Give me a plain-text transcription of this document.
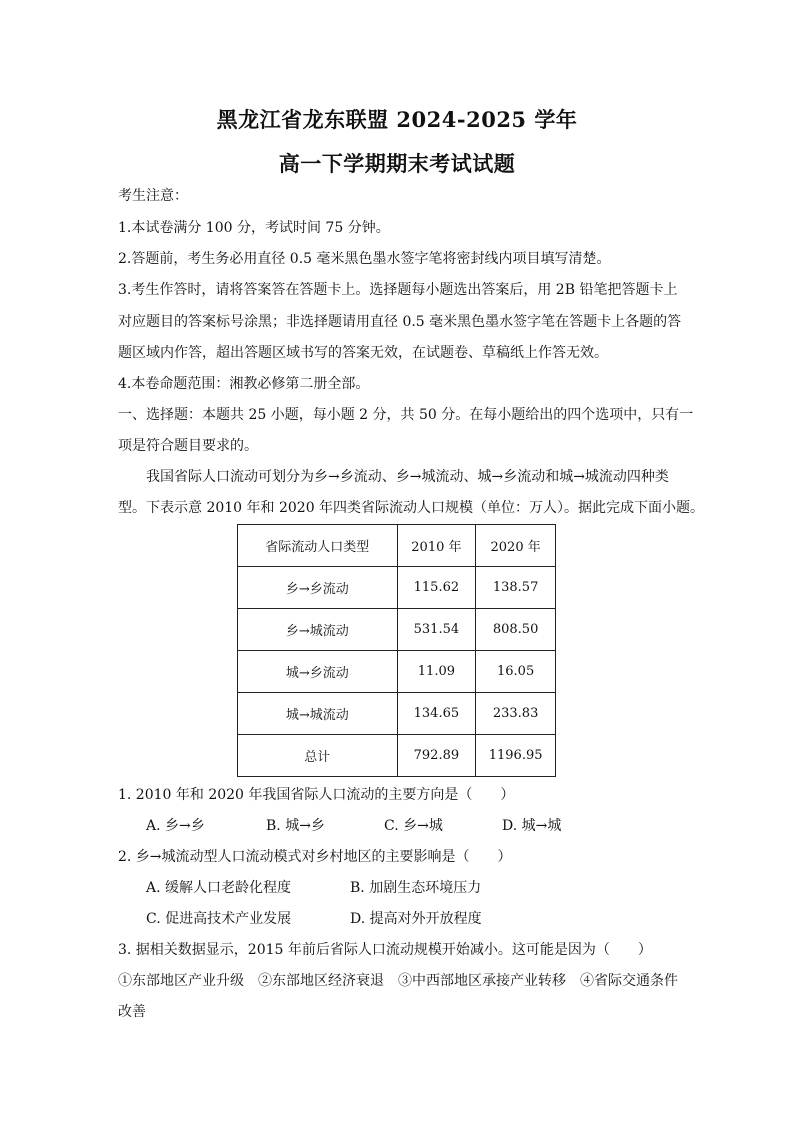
黑龙江省龙东联盟 2024-2025 学年
高一下学期期末考试试题
考生注意：
1.本试卷满分 100 分，考试时间 75 分钟。
2.答题前，考生务必用直径 0.5 毫米黑色墨水签字笔将密封线内项目填写清楚。
3.考生作答时，请将答案答在答题卡上。选择题每小题选出答案后，用 2B 铅笔把答题卡上
对应题目的答案标号涂黑；非选择题请用直径 0.5 毫米黑色墨水签字笔在答题卡上各题的答
题区域内作答，超出答题区域书写的答案无效，在试题卷、草稿纸上作答无效。
4.本卷命题范围：湘教必修第二册全部。
一、选择题：本题共 25 小题，每小题 2 分，共 50 分。在每小题给出的四个选项中，只有一
项是符合题目要求的。
我国省际人口流动可划分为乡→乡流动、乡→城流动、城→乡流动和城→城流动四种类
型。下表示意 2010 年和 2020 年四类省际流动人口规模（单位：万人）。据此完成下面小题。
省际流动人口类型	2010 年	2020 年
乡→乡流动	115.62	138.57
乡→城流动	531.54	808.50
城→乡流动	11.09	16.05
城→城流动	134.65	233.83
总计	792.89	1196.95
1. 2010 年和 2020 年我国省际人口流动的主要方向是（　　）
A. 乡→乡	B. 城→乡	C. 乡→城	D. 城→城
2. 乡→城流动型人口流动模式对乡村地区的主要影响是（　　）
A. 缓解人口老龄化程度	B. 加剧生态环境压力
C. 促进高技术产业发展	D. 提高对外开放程度
3. 据相关数据显示，2015 年前后省际人口流动规模开始减小。这可能是因为（　　）
①东部地区产业升级　②东部地区经济衰退　③中西部地区承接产业转移　④省际交通条件
改善
